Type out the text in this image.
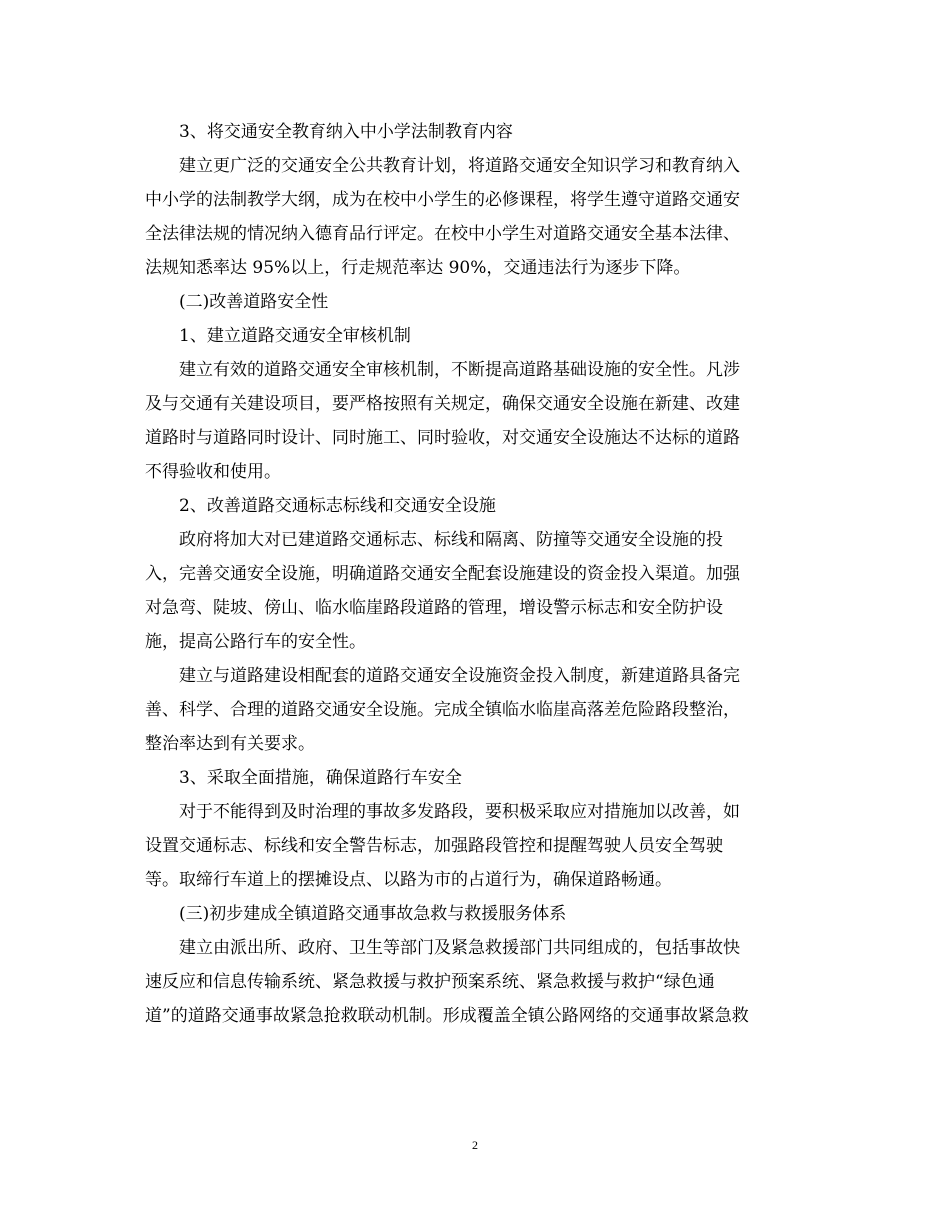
3、将交通安全教育纳入中小学法制教育内容
建立更广泛的交通安全公共教育计划，将道路交通安全知识学习和教育纳入
中小学的法制教学大纲，成为在校中小学生的必修课程，将学生遵守道路交通安
全法律法规的情况纳入德育品行评定。在校中小学生对道路交通安全基本法律、
法规知悉率达 95%以上，行走规范率达 90%，交通违法行为逐步下降。
(二)改善道路安全性
1、建立道路交通安全审核机制
建立有效的道路交通安全审核机制，不断提高道路基础设施的安全性。凡涉
及与交通有关建设项目，要严格按照有关规定，确保交通安全设施在新建、改建
道路时与道路同时设计、同时施工、同时验收，对交通安全设施达不达标的道路
不得验收和使用。
2、改善道路交通标志标线和交通安全设施
政府将加大对已建道路交通标志、标线和隔离、防撞等交通安全设施的投
入，完善交通安全设施，明确道路交通安全配套设施建设的资金投入渠道。加强
对急弯、陡坡、傍山、临水临崖路段道路的管理，增设警示标志和安全防护设
施，提高公路行车的安全性。
建立与道路建设相配套的道路交通安全设施资金投入制度，新建道路具备完
善、科学、合理的道路交通安全设施。完成全镇临水临崖高落差危险路段整治，
整治率达到有关要求。
3、采取全面措施，确保道路行车安全
对于不能得到及时治理的事故多发路段，要积极采取应对措施加以改善，如
设置交通标志、标线和安全警告标志，加强路段管控和提醒驾驶人员安全驾驶
等。取缔行车道上的摆摊设点、以路为市的占道行为，确保道路畅通。
(三)初步建成全镇道路交通事故急救与救援服务体系
建立由派出所、政府、卫生等部门及紧急救援部门共同组成的，包括事故快
速反应和信息传输系统、紧急救援与救护预案系统、紧急救援与救护“绿色通
道”的道路交通事故紧急抢救联动机制。形成覆盖全镇公路网络的交通事故紧急救
2
